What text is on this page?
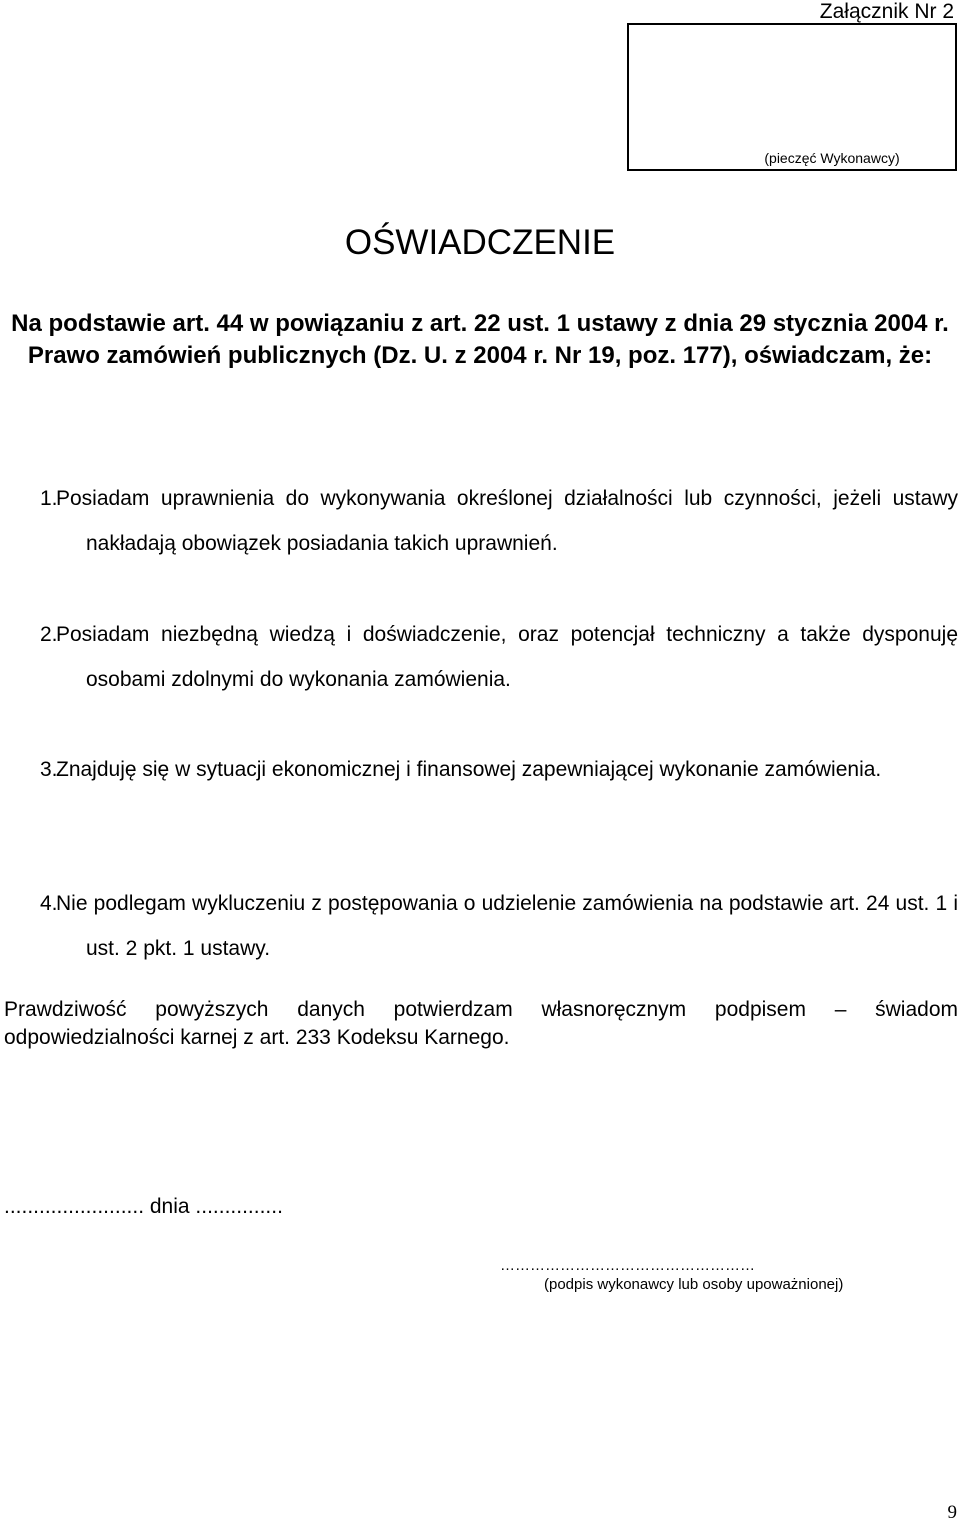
Załącznik Nr 2

(pieczęć Wykonawcy)
OŚWIADCZENIE

Na podstawie art. 44 w powiązaniu z art. 22 ust. 1 ustawy z dnia 29 stycznia 2004 r. Prawo zamówień publicznych (Dz. U. z 2004 r. Nr 19, poz. 177), oświadczam, że:

1.
Posiadam uprawnienia do wykonywania określonej działalności lub czynności, jeżeli ustawy nakładają obowiązek posiadania takich uprawnień.
2.
Posiadam niezbędną wiedzą i doświadczenie, oraz potencjał techniczny a także dysponuję osobami zdolnymi do wykonania zamówienia.
3.
Znajduję się w sytuacji ekonomicznej i finansowej zapewniającej wykonanie zamówienia.
4.
Nie podlegam wykluczeniu z postępowania o udzielenie zamówienia na podstawie art. 24 ust. 1 i ust. 2 pkt. 1 ustawy.

Prawdziwość powyższych danych potwierdzam własnoręcznym podpisem – świadom odpowiedzialności karnej z art. 233 Kodeksu Karnego.

........................ dnia ...............

……………………………………………

(podpis wykonawcy lub osoby upoważnionej)

9
